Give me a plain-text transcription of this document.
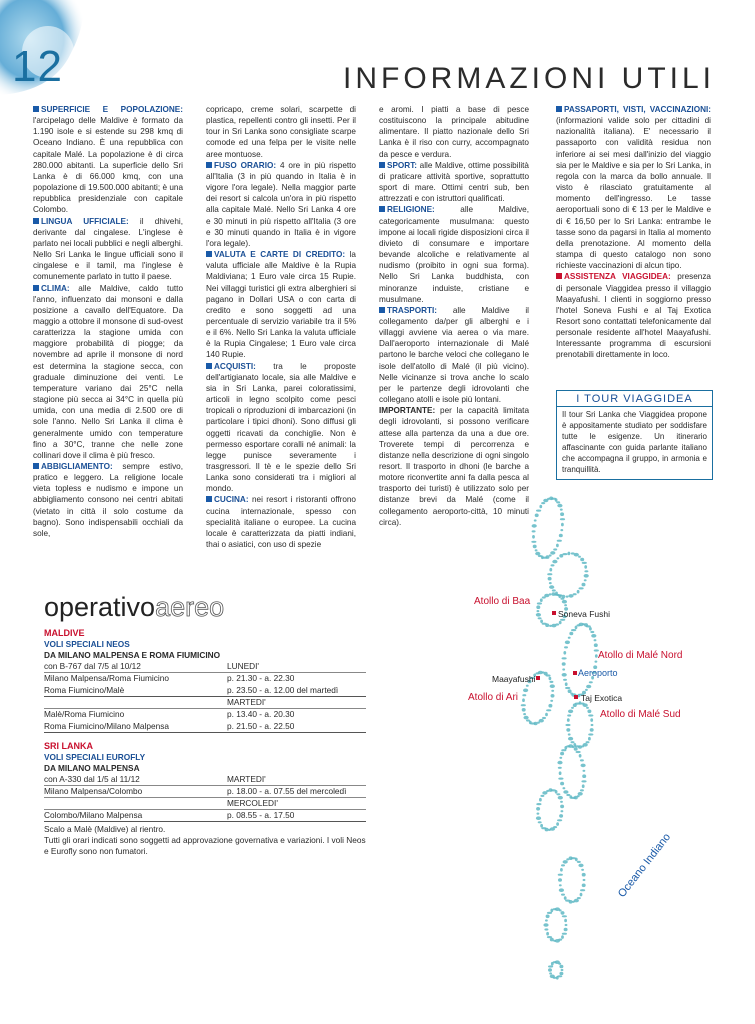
12	INFORMAZIONI UTILI

SUPERFICIE E POPOLAZIONE: l'arcipelago delle Maldive è formato da 1.190 isole e si estende su 298 kmq di Oceano Indiano. È una repubblica con capitale Malé. La popolazione è di circa 280.000 abitanti. La superficie dello Sri Lanka è di 66.000 kmq, con una popolazione di 19.500.000 abitanti; è una repubblica presidenziale con capitale Colombo.

LINGUA UFFICIALE: il dhivehi, derivante dal cingalese. L'inglese è parlato nei locali pubblici e negli alberghi. Nello Sri Lanka le lingue ufficiali sono il cingalese e il tamil, ma l'inglese è comunemente parlato in tutto il paese.

CLIMA: alle Maldive, caldo tutto l'anno, influenzato dai monsoni e dalla posizione a cavallo dell'Equatore. Da maggio a ottobre il monsone di sud-ovest caratterizza la stagione umida con maggiore probabilità di piogge; da novembre ad aprile il monsone di nord est determina la stagione secca, con graduale diminuzione dei venti. Le temperature variano dai 25°C nella stagione più secca ai 34°C in quella più umida, con una media di 2.500 ore di sole l'anno. Nello Sri Lanka il clima è generalmente umido con temperature fino a 30°C, tranne che nelle zone collinari dove il clima è più fresco.

ABBIGLIAMENTO: sempre estivo, pratico e leggero. La religione locale vieta topless e nudismo e impone un abbigliamento consono nei centri abitati (vietato in città il solo costume da bagno). Sono indispensabili occhiali da sole,

copricapo, creme solari, scarpette di plastica, repellenti contro gli insetti. Per il tour in Sri Lanka sono consigliate scarpe comode ed una felpa per le visite nelle aree montuose.

FUSO ORARIO: 4 ore in più rispetto all'Italia (3 in più quando in Italia è in vigore l'ora legale). Nella maggior parte dei resort si calcola un'ora in più rispetto alla capitale Malé. Nello Sri Lanka 4 ore e 30 minuti in più rispetto all'Italia (3 ore e 30 minuti quando in Italia è in vigore l'ora legale).

VALUTA E CARTE DI CREDITO: la valuta ufficiale alle Maldive è la Rupia Maldiviana; 1 Euro vale circa 15 Rupie. Nei villaggi turistici gli extra alberghieri si pagano in Dollari USA o con carta di credito e sono soggetti ad una percentuale di servizio variabile tra il 5% e il 6%. Nello Sri Lanka la valuta ufficiale è la Rupia Cingalese; 1 Euro vale circa 140 Rupie.

ACQUISTI: tra le proposte dell'artigianato locale, sia alle Maldive e sia in Sri Lanka, parei coloratissimi, articoli in legno scolpito come pesci tropicali o riproduzioni di imbarcazioni (in particolare i tipici dhoni). Sono diffusi gli oggetti ricavati da conchiglie. Non è permesso esportare coralli né animali: la legge punisce severamente i trasgressori. Il tè e le spezie dello Sri Lanka sono considerati tra i migliori al mondo.

CUCINA: nei resort i ristoranti offrono cucina internazionale, spesso con specialità italiane o europee. La cucina locale è caratterizzata da piatti indiani, thai o asiatici, con uso di spezie

e aromi. I piatti a base di pesce costituiscono la principale abitudine alimentare. Il piatto nazionale dello Sri Lanka è il riso con curry, accompagnato da pesce e verdura.

SPORT: alle Maldive, ottime possibilità di praticare attività sportive, soprattutto sport di mare. Ottimi centri sub, ben attrezzati e con istruttori qualificati.

RELIGIONE: alle Maldive, categoricamente musulmana: questo impone ai locali rigide disposizioni circa il divieto di consumare e importare bevande alcoliche e relativamente al nudismo (proibito in ogni sua forma). Nello Sri Lanka buddhista, con minoranze induiste, cristiane e musulmane.

TRASPORTI: alle Maldive il collegamento da/per gli alberghi e i villaggi avviene via aerea o via mare. Dall'aeroporto internazionale di Malé partono le barche veloci che collegano le isole dell'atollo di Malé (il più vicino). Nelle vicinanze si trova anche lo scalo per le partenze degli idrovolanti che collegano atolli e isole più lontani.

IMPORTANTE: per la capacità limitata degli idrovolanti, si possono verificare attese alla partenza da una a due ore. Troverete tempi di percorrenza e distanze nella descrizione di ogni singolo resort. Il trasporto in dhoni (le barche a motore riconvertite anni fa dalla pesca al trasporto dei turisti) è utilizzato solo per distanze brevi da Malé (come il collegamento aeroporto-città, 10 minuti circa).

PASSAPORTI, VISTI, VACCINAZIONI: (informazioni valide solo per cittadini di nazionalità italiana). E' necessario il passaporto con validità residua non inferiore ai sei mesi dall'inizio del viaggio sia per le Maldive e sia per lo Sri Lanka, in regola con la marca da bollo annuale. Il visto è rilasciato gratuitamente al momento dell'ingresso. Le tasse aeroportuali sono di € 13 per le Maldive e di € 16,50 per lo Sri Lanka: entrambe le tasse sono da pagarsi in Italia al momento della prenotazione. Al momento della stampa di questo catalogo non sono richieste vaccinazioni di alcun tipo.

ASSISTENZA VIAGGIDEA: presenza di personale Viaggidea presso il villaggio Maayafushi. I clienti in soggiorno presso l'hotel Soneva Fushi e al Taj Exotica Resort sono contattati telefonicamente dal personale residente all'hotel Maayafushi. Interessante programma di escursioni prenotabili direttamente in loco.

I TOUR VIAGGIDEA
Il tour Sri Lanka che Viaggidea propone è appositamente studiato per soddisfare tutte le esigenze. Un itinerario affascinante con guida parlante italiano che accompagna il gruppo, in armonia e tranquillità.
operativoaereo
MALDIVE
VOLI SPECIALI NEOS
DA MILANO MALPENSA E ROMA FIUMICINO
con B-767 dal 7/5 al 10/12	LUNEDI'
Milano Malpensa/Roma Fiumicino	p. 21.30 - a. 22.30
Roma Fiumicino/Malè	p. 23.50 - a. 12.00 del martedì
MARTEDI'
Malè/Roma Fiumicino	p. 13.40 - a. 20.30
Roma Fiumicino/Milano Malpensa	p. 21.50 - a. 22.50
SRI LANKA
VOLI SPECIALI EUROFLY
DA MILANO MALPENSA
con A-330 dal 1/5 al 11/12	MARTEDI'
Milano Malpensa/Colombo	p. 18.00 - a. 07.55 del mercoledì
MERCOLEDI'
Colombo/Milano Malpensa	p. 08.55 - a. 17.50
Scalo a Malè (Maldive) al rientro.
Tutti gli orari indicati sono soggetti ad approvazione governativa e variazioni. I voli Neos e Eurofly sono non fumatori.
Atollo di Baa
Soneva Fushi
Atollo di Malé Nord
Maayafushi
Aeroporto
Atollo di Ari	Taj Exotica
Atollo di Malé Sud
Oceano Indiano
